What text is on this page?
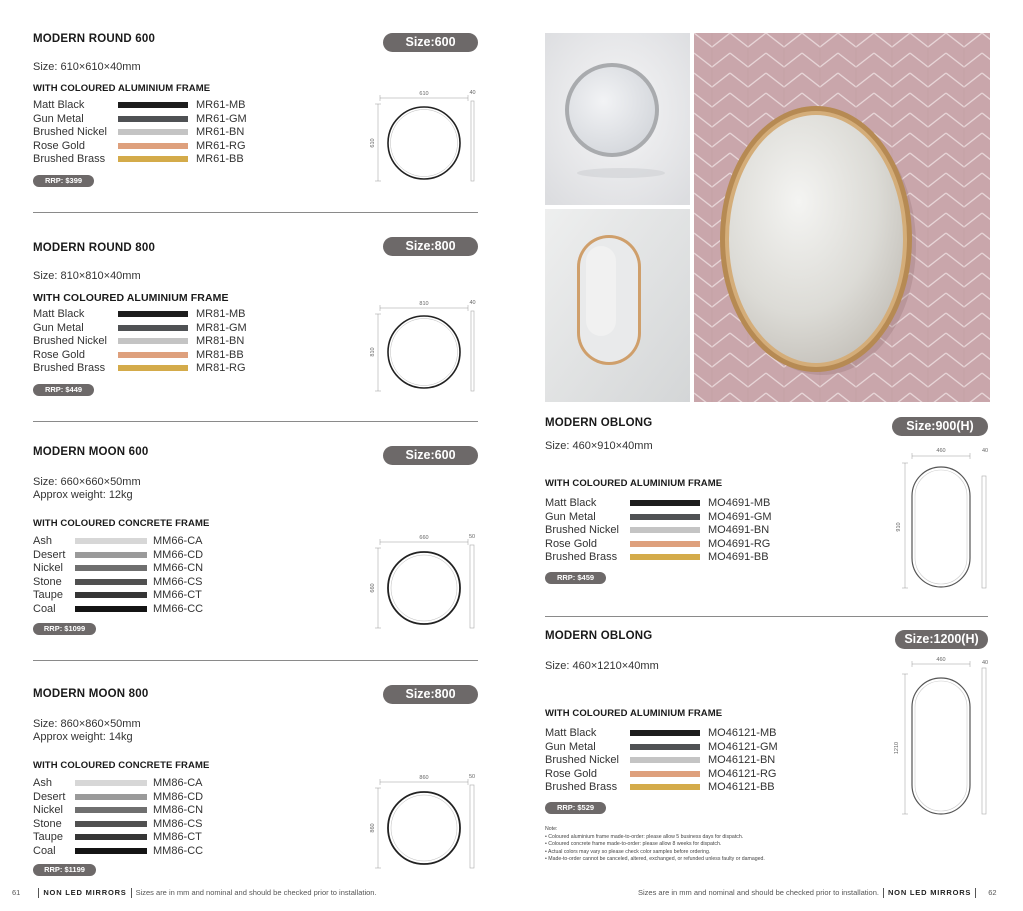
MODERN ROUND 600	Size:600
Size: 610×610×40mm
WITH COLOURED ALUMINIUM FRAME
Matt Black	MR61-MB
Gun Metal	MR61-GM
Brushed Nickel	MR61-BN
Rose Gold	MR61-RG
Brushed Brass	MR61-BB
RRP: $399
610
610
40
MODERN ROUND 800	Size:800
Size: 810×810×40mm
WITH COLOURED ALUMINIUM FRAME
Matt Black	MR81-MB
Gun Metal	MR81-GM
Brushed Nickel	MR81-BN
Rose Gold	MR81-BB
Brushed Brass	MR81-RG
RRP: $449
810
810
40
MODERN MOON 600	Size:600
Size: 660×660×50mm
Approx weight: 12kg
WITH COLOURED CONCRETE FRAME
Ash	MM66-CA
Desert	MM66-CD
Nickel	MM66-CN
Stone	MM66-CS
Taupe	MM66-CT
Coal	MM66-CC
RRP: $1099
660
660
50
MODERN MOON 800	Size:800
Size: 860×860×50mm
Approx weight: 14kg
WITH COLOURED CONCRETE FRAME
Ash	MM86-CA
Desert	MM86-CD
Nickel	MM86-CN
Stone	MM86-CS
Taupe	MM86-CT
Coal	MM86-CC
RRP: $1199
860
860
50
61	NON LED MIRRORS Sizes are in mm and nominal and should be checked prior to installation.
MODERN OBLONG	Size:900(H)
Size: 460×910×40mm
WITH COLOURED ALUMINIUM FRAME
Matt Black	MO4691-MB
Gun Metal	MO4691-GM
Brushed Nickel	MO4691-BN
Rose Gold	MO4691-RG
Brushed Brass	MO4691-BB
RRP: $459
460
910
40
MODERN OBLONG	Size:1200(H)
Size: 460×1210×40mm
WITH COLOURED ALUMINIUM FRAME
Matt Black	MO46121-MB
Gun Metal	MO46121-GM
Brushed Nickel	MO46121-BN
Rose Gold	MO46121-RG
Brushed Brass	MO46121-BB
RRP: $529
460
1210
40
Note:
• Coloured aluminium frame made-to-order: please allow 5 business days for dispatch.
• Coloured concrete frame made-to-order: please allow 8 weeks for dispatch.
• Actual colors may vary so please check color samples before ordering.
• Made-to-order cannot be canceled, altered, exchanged, or refunded unless faulty or damaged.
Sizes are in mm and nominal and should be checked prior to installation. NON LED MIRRORS 62
